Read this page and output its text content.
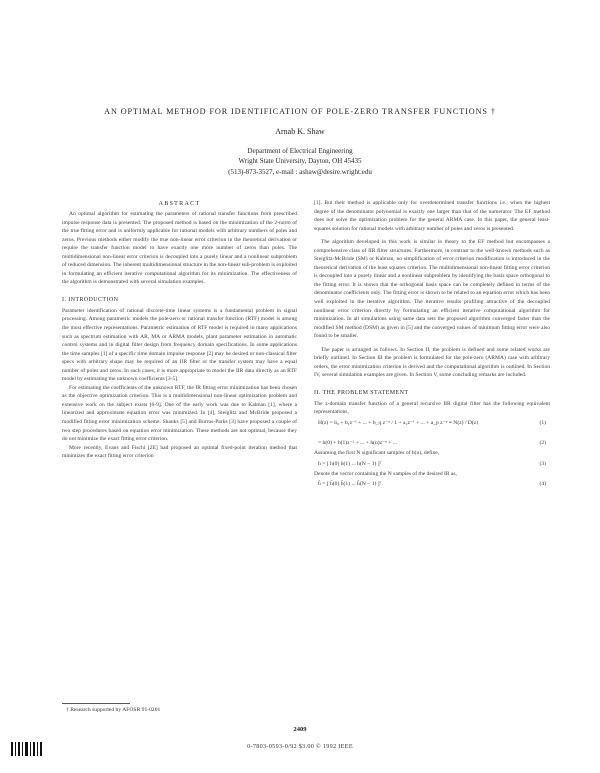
AN OPTIMAL METHOD FOR IDENTIFICATION OF POLE-ZERO TRANSFER FUNCTIONS †
Arnab K. Shaw
Department of Electrical Engineering
Wright State University, Dayton, OH 45435
(513)-873-3527, e-mail : ashaw@desire.wright.edu
ABSTRACT

An optimal algorithm for estimating the parameters of rational transfer functions from prescribed impulse response data is presented. The proposed method is based on the minimization of the 2-norm of the true fitting error and is uniformly applicable for rational models with arbitrary numbers of poles and zeros. Previous methods either modify the true non-linear error criterion in the theoretical derivation or require the transfer function model to have exactly one more number of zeros than poles. The multidimensional non-linear error criterion is decoupled into a purely linear and a nonlinear subproblem of reduced dimension. The inherent multidimensional structure in the non-linear sub-problem is exploited in formulating an efficient iterative computational algorithm for its minimization. The effectiveness of the algorithm is demonstrated with several simulation examples.

I. INTRODUCTION

Parameter identification of rational discrete-time linear systems is a fundamental problem in signal processing. Among parametric models the pole-zero or rational transfer function (RTF) model is among the most effective representations. Parametric estimation of RTF model is required in many applications such as spectrum estimation with AR, MA or ARMA models, plant parameter estimation in automatic control systems and in digital filter design from frequency domain specifications. In some applications the time samples [1] of a specific time domain impulse response [2] may be desired or non-classical filter specs with arbitrary shape may be required of an IIR filter or the transfer system may have a equal number of poles and zeros. In such cases, it is more appropriate to model the IIR data directly as an RTF model by estimating the unknown coefficients [3-5].

For estimating the coefficients of the unknown RTF, the IR fitting error minimization has been chosen as the objective optimization criterion. This is a multidimensional non-linear optimization problem and extensive work on the subject exists [6-9]. One of the early work was due to Kalman [1], where a linearized and approximate equation error was minimized. In [4], Steiglitz and McBride proposed a modified fitting error minimization scheme. Shanks [5] and Burrus-Parks [3] have proposed a couple of two step procedures based on equation error minimization. These methods are not optimal, because they do not minimize the exact fitting error criterion.

More recently, Evans and Fischl [2E] had proposed an optimal fixed-point iteration method that minimizes the exact fitting error criterion

[1]. But their method is applicable only for overdetermined transfer functions i.e., when the highest degree of the denominator polynomial is exactly one larger than that of the numerator. The EF method does not solve the optimization problem for the general ARMA case. In this paper, the general least-squares solution for rational models with arbitrary number of poles and zeros is presented.

The algorithm developed in this work is similar in theory to the EF method but encompasses a comprehensive class of IIR filter structures. Furthermore, in contrast to the well-known methods such as Steiglitz-McBride (SM) or Kalman, no simplification of error criterion modification is introduced in the theoretical derivation of the least squares criterion. The multidimensional non-linear fitting error criterion is decoupled into a purely linear and a nonlinear subproblem by identifying the basis space orthogonal to the fitting error. It is shown that the orthogonal basis space can be completely defined in terms of the denominator coefficients only. The fitting error is shown to be related to an equation error which has been well exploited in the iterative algorithm. The iterative results profiling attractive of the decoupled nonlinear error criterion directly by formulating an efficient iterative computational algorithm for minimization. In all simulations using same data sets the proposed algorithm converged faster than the modified SM method (DSM) as given in [5] and the converged values of minimum fitting error were also found to be smaller.

The paper is arranged as follows. In Section II, the problem is defined and some related works are briefly outlined. In Section III the problem is formulated for the pole-zero (ARMA) case with arbitrary orders, the error minimization criterion is derived and the computational algorithm is outlined. In Section IV, several simulation examples are given. In Section V, some concluding remarks are included.

II. THE PROBLEM STATEMENT

The z-domain transfer function of a general recursive IIR digital filter has the following equivalent representations,

H(z) = b₀ + b₁z⁻¹ + ... + b_q z⁻ᵠ / 1 + a₁z⁻¹ + ... + a_p z⁻ᵖ ≡ N(z) / D(z)	(1)
= h(0) + h(1)z⁻¹ + ... + h(n)z⁻ⁿ + ...	(2)

Assuming the first N significant samples of h(n), define,

h = [ h(0) h(1) ... h(N − 1) ]ᵀ	(3)

Denote the vector containing the N samples of the desired IR as,

ĥ = [ ĥ(0) ĥ(1) ... ĥ(N − 1) ]ᵀ.	(4)
† Research supported by AFOSR 91-0201
2409
0-7803-0593-0/92 $3.00 © 1992 IEEE
